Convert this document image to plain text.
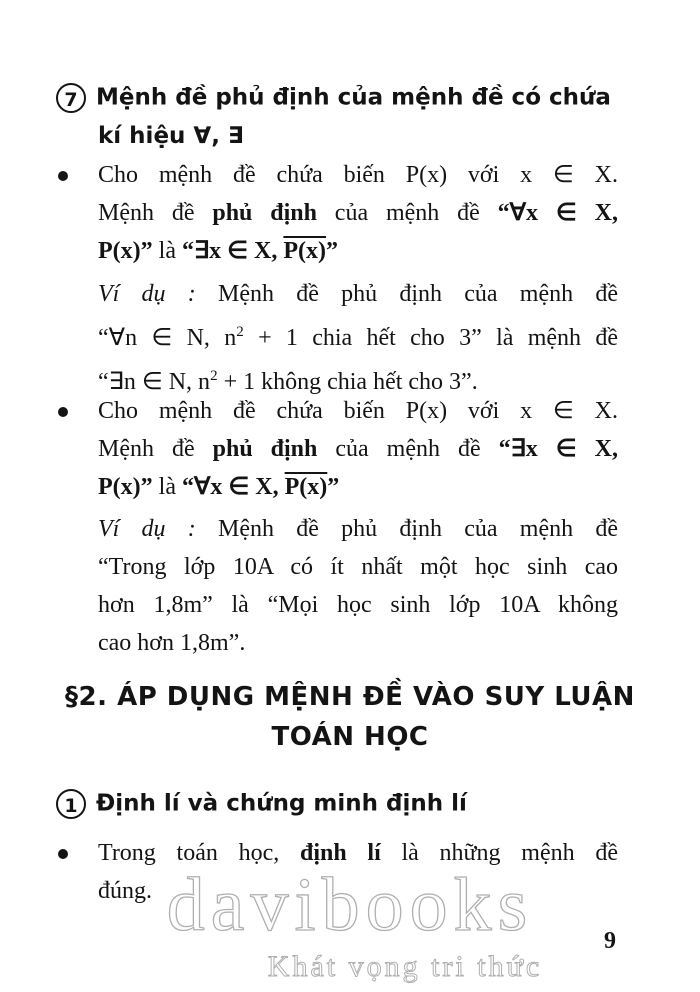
7 Mệnh đề phủ định của mệnh đề có chứa
kí hiệu ∀, ∃
Cho mệnh đề chứa biến P(x) với x ∈ X.
Mệnh đề phủ định của mệnh đề “∀x ∈ X,
P(x)” là “∃x ∈ X, P(x)”
Ví dụ : Mệnh đề phủ định của mệnh đề
“∀n ∈ N, $n^2 + 1$ chia hết cho 3” là mệnh đề
“∃n ∈ N, $n^2 + 1$ không chia hết cho 3”.
Cho mệnh đề chứa biến P(x) với x ∈ X.
Mệnh đề phủ định của mệnh đề “∃x ∈ X,
P(x)” là “∀x ∈ X, P(x)”
Ví dụ : Mệnh đề phủ định của mệnh đề
“Trong lớp 10A có ít nhất một học sinh cao
hơn 1,8m” là “Mọi học sinh lớp 10A không
cao hơn 1,8m”.
§2. ÁP DỤNG MỆNH ĐỀ VÀO SUY LUẬN
TOÁN HỌC
1 Định lí và chứng minh định lí
Trong toán học, định lí là những mệnh đề
đúng. davibooks
Khát vọng tri thức
9
